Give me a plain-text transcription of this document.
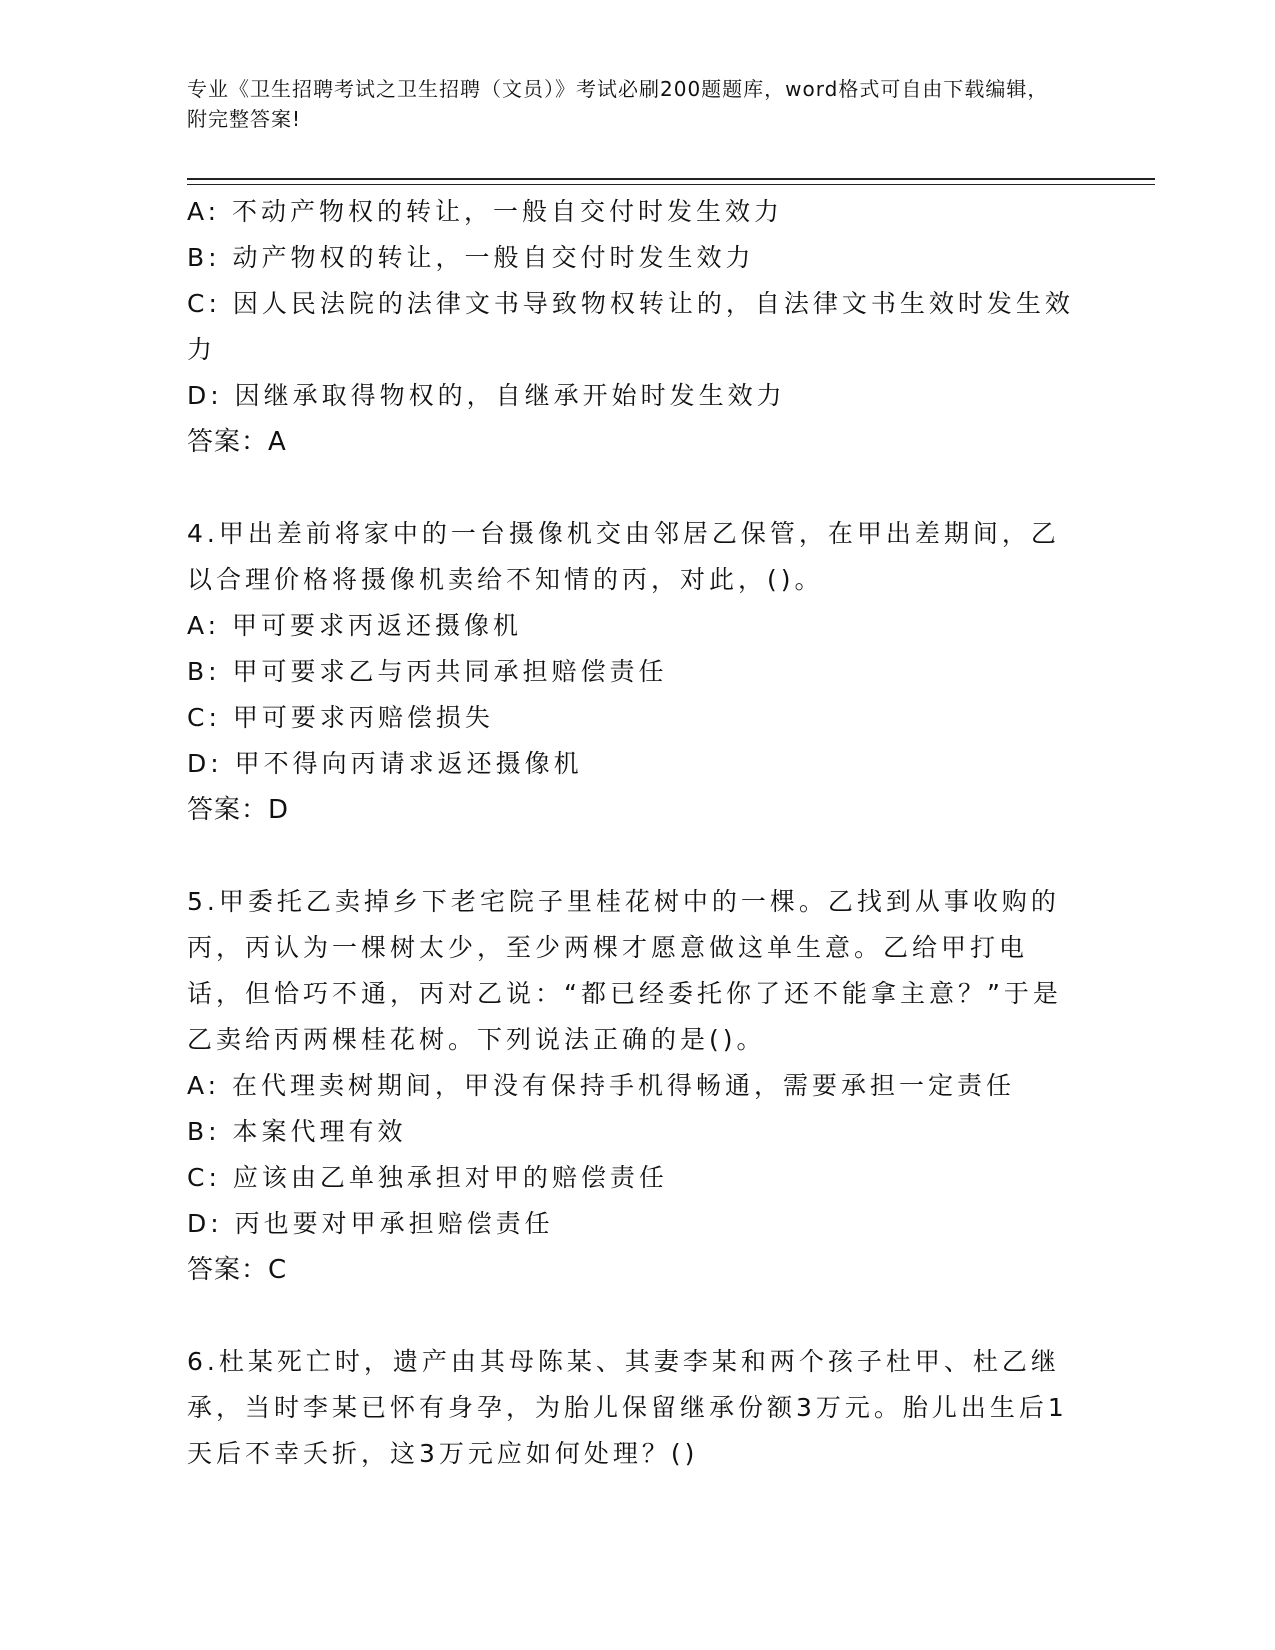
专业《卫生招聘考试之卫生招聘（文员）》考试必刷200题题库，word格式可自由下载编辑，附完整答案!
A: 不动产物权的转让，一般自交付时发生效力
B: 动产物权的转让，一般自交付时发生效力
C: 因人民法院的法律文书导致物权转让的，自法律文书生效时发生效力
D: 因继承取得物权的，自继承开始时发生效力
答案：A
4.甲出差前将家中的一台摄像机交由邻居乙保管，在甲出差期间，乙以合理价格将摄像机卖给不知情的丙，对此，()。
A: 甲可要求丙返还摄像机
B: 甲可要求乙与丙共同承担赔偿责任
C: 甲可要求丙赔偿损失
D: 甲不得向丙请求返还摄像机
答案：D
5.甲委托乙卖掉乡下老宅院子里桂花树中的一棵。乙找到从事收购的丙，丙认为一棵树太少，至少两棵才愿意做这单生意。乙给甲打电话，但恰巧不通，丙对乙说：“都已经委托你了还不能拿主意？”于是乙卖给丙两棵桂花树。下列说法正确的是()。
A: 在代理卖树期间，甲没有保持手机得畅通，需要承担一定责任
B: 本案代理有效
C: 应该由乙单独承担对甲的赔偿责任
D: 丙也要对甲承担赔偿责任
答案：C
6.杜某死亡时，遗产由其母陈某、其妻李某和两个孩子杜甲、杜乙继承，当时李某已怀有身孕，为胎儿保留继承份额3万元。胎儿出生后1天后不幸夭折，这3万元应如何处理？()
